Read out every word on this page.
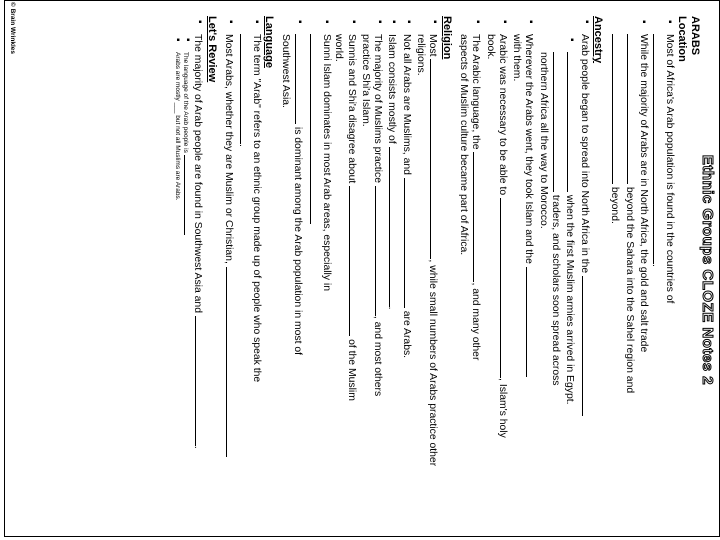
Ethnic Groups CLOZE Notes 2
ARABS
Location
▪ Most of Africa's Arab population is found in the countries of .
▪ While the majority of Arabs are in North Africa, the gold and salt trade
beyond the Sahara into the Sahel region and
beyond.
Ancestry
▪ Arab people began to spread into North Africa in the
▪ when the first Muslim armies arrived in Egypt.
traders, and scholars soon spread across
northern Africa all the way to Morocco.
▪ Wherever the Arabs went, they took Islam and the
with them.
▪ Arabic was necessary to be able to , Islam's holy
book.
▪ The Arabic language, the , and many other
aspects of Muslim culture became part of Africa.
Religion
▪ Most , while small numbers of Arabs practice other
religions.
▪ Not all Arabs are Muslims, and  are Arabs.
▪ Islam consists mostly of .
▪ The majority of Muslims practice , and most others
practice Shi'a Islam.
▪ Sunnis and Shi'a disagree about  of the Muslim
world.
▪ Sunni Islam dominates in most Arab areas, especially in
▪ is dominant among the Arab population in most of
Southwest Asia.
Language
▪ The term "Arab" refers to an ethnic group made up of people who speak the
.
▪ Most Arabs, whether they are Muslim or Christian,
Let's Review
▪ The majority of Arab people are found in Southwest Asia and .
▪ The language of the Arab people is
▪ Arabs are mostly ___ but not all Muslims are Arabs.
© Brain Wrinkles
